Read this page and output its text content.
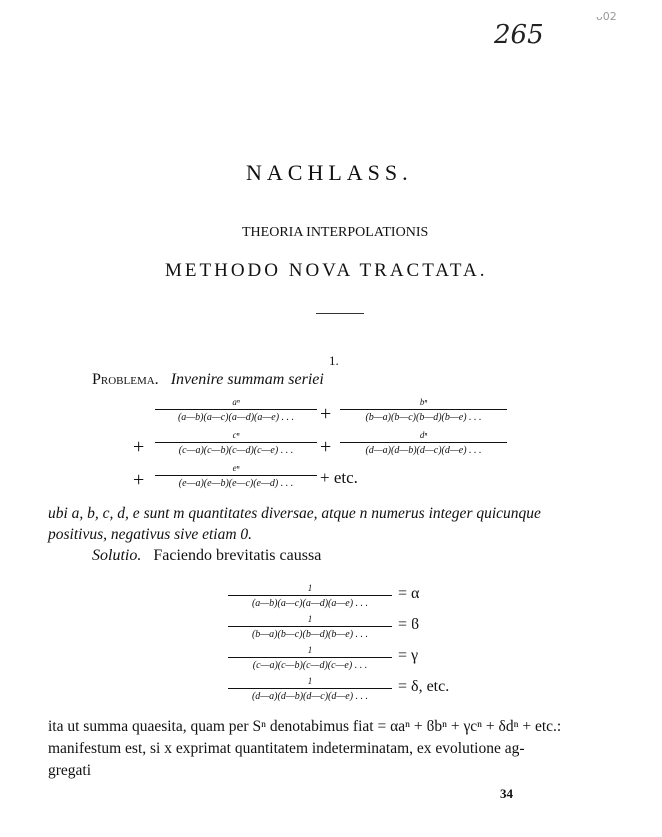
265
ᴗ02
NACHLASS.
THEORIA INTERPOLATIONIS
METHODO NOVA TRACTATA.
1.
Problema. Invenire summam seriei
aⁿ
(a—b)(a—c)(a—d)(a—e) . . .	+
bⁿ
(b—a)(b—c)(b—d)(b—e) . . .
+
cⁿ
(c—a)(c—b)(c—d)(c—e) . . .	+
dⁿ
(d—a)(d—b)(d—c)(d—e) . . .
+
eⁿ
(e—a)(e—b)(e—c)(e—d) . . .	+ etc.
ubi a, b, c, d, e sunt m quantitates diversae, atque n numerus integer quicunque
positivus, negativus sive etiam 0.
Solutio. Faciendo brevitatis caussa
1
(a—b)(a—c)(a—d)(a—e) . . .
= α
1
(b—a)(b—c)(b—d)(b—e) . . .
= ϐ
1
(c—a)(c—b)(c—d)(c—e) . . .
= γ
1
(d—a)(d—b)(d—c)(d—e) . . .
= δ, etc.
ita ut summa quaesita, quam per Sⁿ denotabimus fiat = αaⁿ + ϐbⁿ + γcⁿ + δdⁿ + etc.:
manifestum est, si x exprimat quantitatem indeterminatam, ex evolutione ag-
gregati
34
